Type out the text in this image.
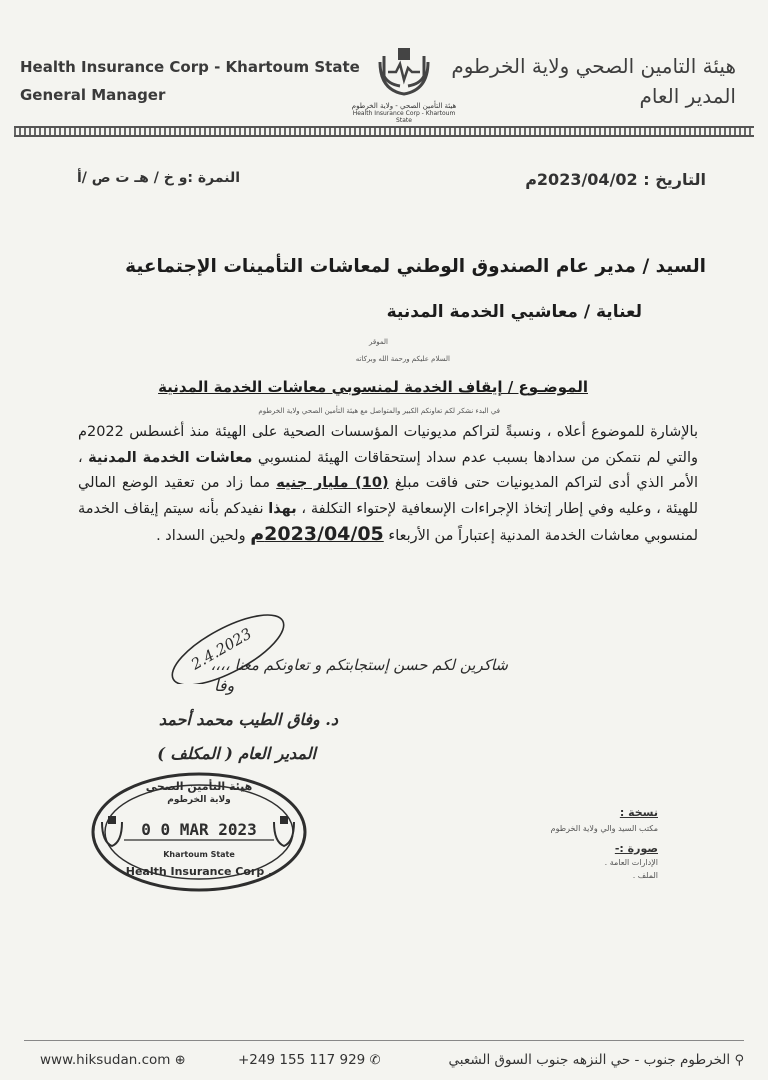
Health Insurance Corp - Khartoum State
General Manager
هيئة التأمين الصحي - ولاية الخرطوم
Health Insurance Corp - Khartoum State
هيئة التامين الصحي ولاية الخرطوم
المدير العام
التاريخ : 2023/04/02م
النمرة :و خ / هـ ت ص /أ
السيد / مدير عام الصندوق الوطني لمعاشات التأمينات الإجتماعية
لعناية / معاشيي الخدمة المدنية
الموقر
السلام عليكم ورحمة الله وبركاته
الموضـوع / إيقاف الخدمة لمنسوبي معاشات الخدمة المدنية
في البدء نشكر لكم تعاونكم الكبير والمتواصل مع هيئة التأمين الصحي ولاية الخرطوم
بالإشارة للموضوع أعلاه ، ونسبةً لتراكم مديونيات المؤسسات الصحية على الهيئة منذ أغسطس 2022م والتي لم نتمكن من سدادها بسبب عدم سداد إستحقاقات الهيئة لمنسوبي معاشات الخدمة المدنية ، الأمر الذي أدى لتراكم المديونيات حتى فاقت مبلغ (10) مليار جنيه مما زاد من تعقيد الوضع المالي للهيئة ، وعليه وفي إطار إتخاذ الإجراءات الإسعافية لإحتواء التكلفة ، بهذا نفيدكم بأنه سيتم إيقاف الخدمة لمنسوبي معاشات الخدمة المدنية إعتباراً من الأربعاء 2023/04/05م ولحين السداد .
2.4.2023
وفا
شاكرين لكم حسن إستجابتكم و تعاونكم معنا ،،،،
د. وفاق الطيب محمد أحمد
المدير العام ( المكلف )
هيئة التأمين الصحي
ولاية الخرطوم
0 0 MAR 2023
Khartoum State
Health Insurance Corp .
نسخة :
مكتب السيد والي ولاية الخرطوم
صورة :-
الإدارات العامة .
الملف .
www.hiksudan.com ⊕	+249 155 117 929 ✆	⚲ الخرطوم جنوب - حي النزهه جنوب السوق الشعبي
